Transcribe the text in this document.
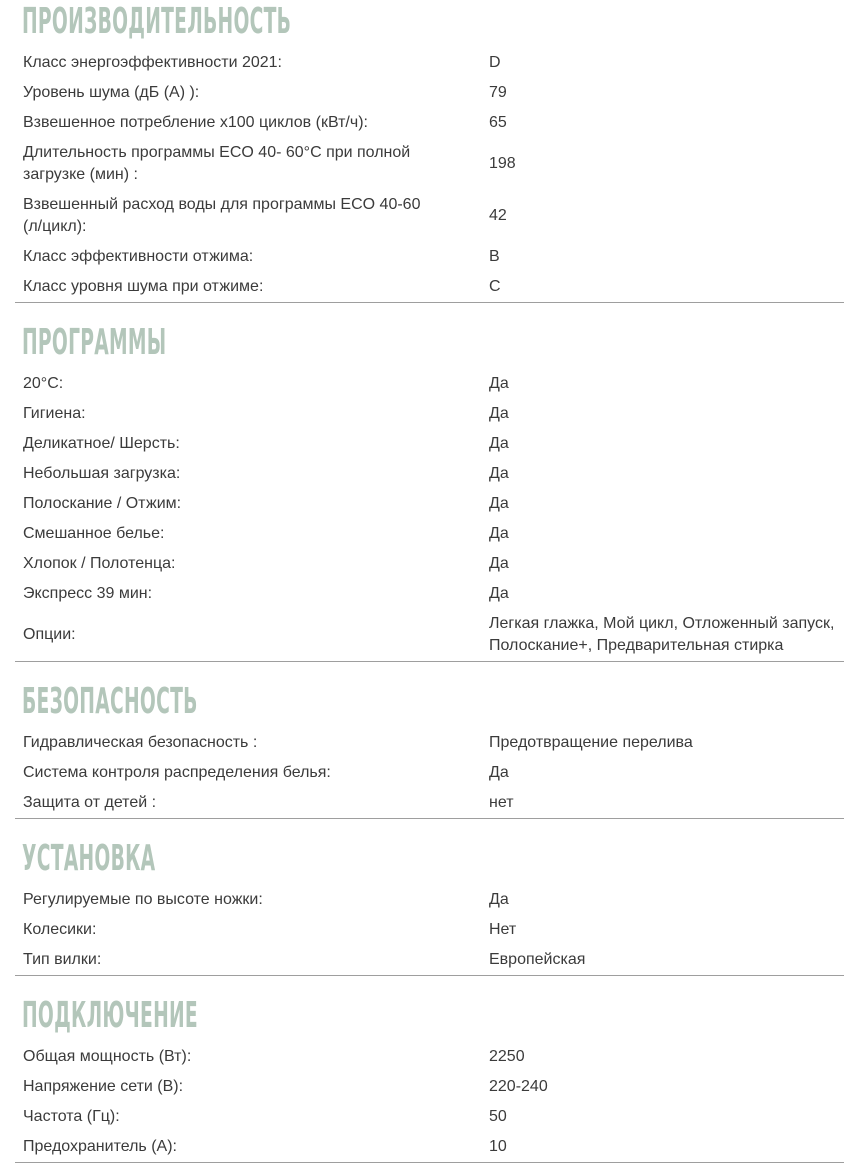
ПРОИЗВОДИТЕЛЬНОСТЬ
Класс энергоэффективности 2021:	D

Уровень шума (дБ (А) ):	79

Взвешенное потребление x100 циклов (кВт/ч):	65

Длительность программы ECO 40- 60°C при полной загрузке (мин) :	198

Взвешенный расход воды для программы ECO 40-60 (л/цикл):	42

Класс эффективности отжима:	B

Класс уровня шума при отжиме:	C
ПРОГРАММЫ
20°C:	Да

Гигиена:	Да

Деликатное/ Шерсть:	Да

Небольшая загрузка:	Да

Полоскание / Отжим:	Да

Смешанное белье:	Да

Хлопок / Полотенца:	Да

Экспресс 39 мин:	Да

Опции:	Легкая глажка, Мой цикл, Отложенный запуск, Полоскание+, Предварительная стирка
БЕЗОПАСНОСТЬ
Гидравлическая безопасность :	Предотвращение перелива

Система контроля распределения белья:	Да

Защита от детей :	нет
УСТАНОВКА
Регулируемые по высоте ножки:	Да

Колесики:	Нет

Тип вилки:	Европейская
ПОДКЛЮЧЕНИЕ
Общая мощность (Вт):	2250

Напряжение сети (В):	220-240

Частота (Гц):	50

Предохранитель (А):	10
